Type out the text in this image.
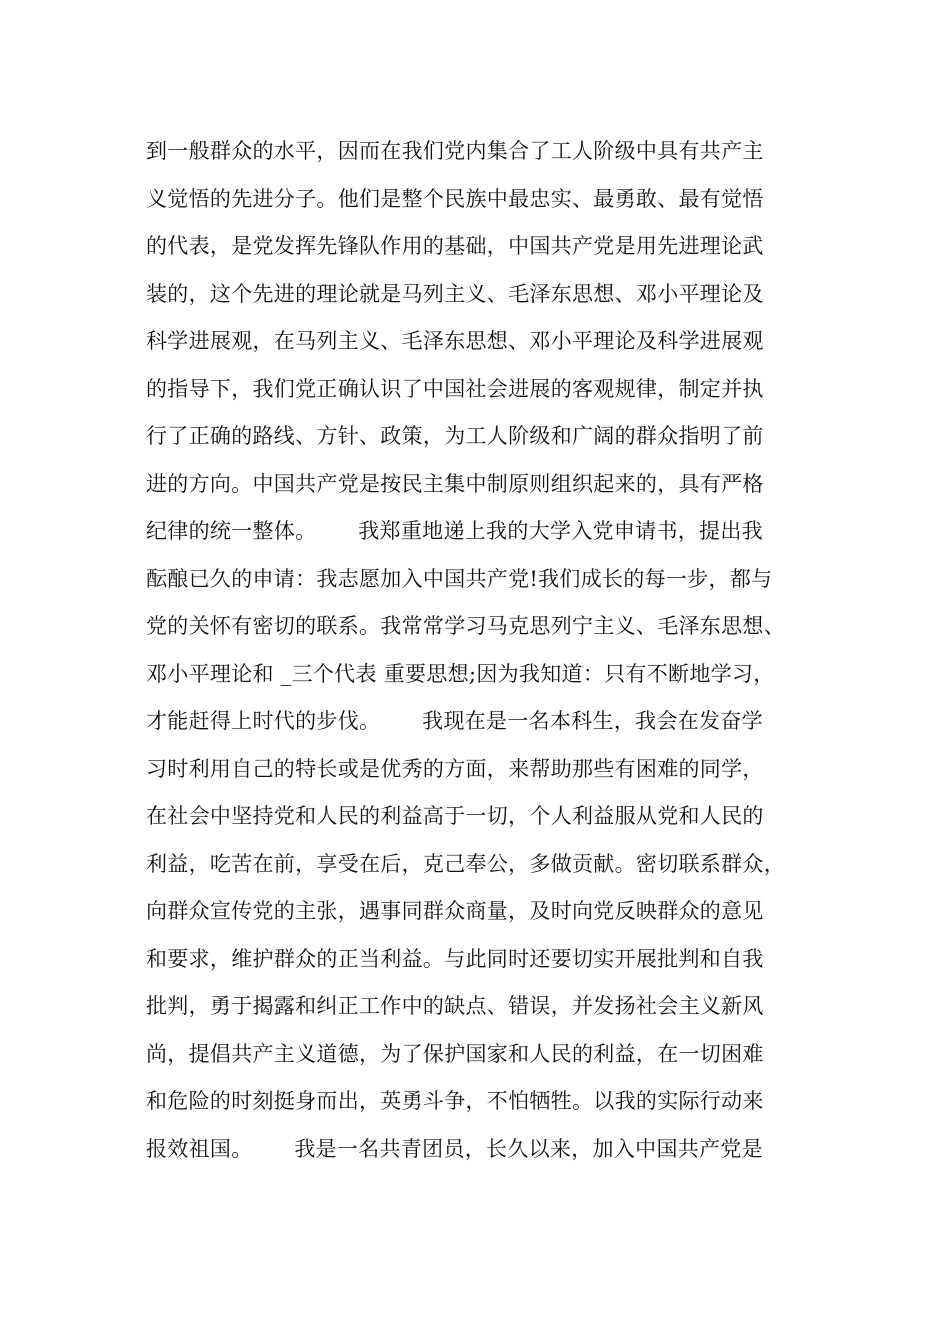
到一般群众的水平，因而在我们党内集合了工人阶级中具有共产主
义觉悟的先进分子。他们是整个民族中最忠实、最勇敢、最有觉悟
的代表，是党发挥先锋队作用的基础，中国共产党是用先进理论武
装的，这个先进的理论就是马列主义、毛泽东思想、邓小平理论及
科学进展观，在马列主义、毛泽东思想、邓小平理论及科学进展观
的指导下，我们党正确认识了中国社会进展的客观规律，制定并执
行了正确的路线、方针、政策，为工人阶级和广阔的群众指明了前
进的方向。中国共产党是按民主集中制原则组织起来的，具有严格
纪律的统一整体。      我郑重地递上我的大学入党申请书，提出我
酝酿已久的申请：我志愿加入中国共产党!我们成长的每一步，都与
党的关怀有密切的联系。我常常学习马克思列宁主义、毛泽东思想、
邓小平理论和 _三个代表 重要思想;因为我知道：只有不断地学习，
才能赶得上时代的步伐。      我现在是一名本科生，我会在发奋学
习时利用自己的特长或是优秀的方面，来帮助那些有困难的同学，
在社会中坚持党和人民的利益高于一切，个人利益服从党和人民的
利益，吃苦在前，享受在后，克己奉公，多做贡献。密切联系群众，
向群众宣传党的主张，遇事同群众商量，及时向党反映群众的意见
和要求，维护群众的正当利益。与此同时还要切实开展批判和自我
批判，勇于揭露和纠正工作中的缺点、错误，并发扬社会主义新风
尚，提倡共产主义道德，为了保护国家和人民的利益，在一切困难
和危险的时刻挺身而出，英勇斗争，不怕牺牲。以我的实际行动来
报效祖国。      我是一名共青团员，长久以来，加入中国共产党是
